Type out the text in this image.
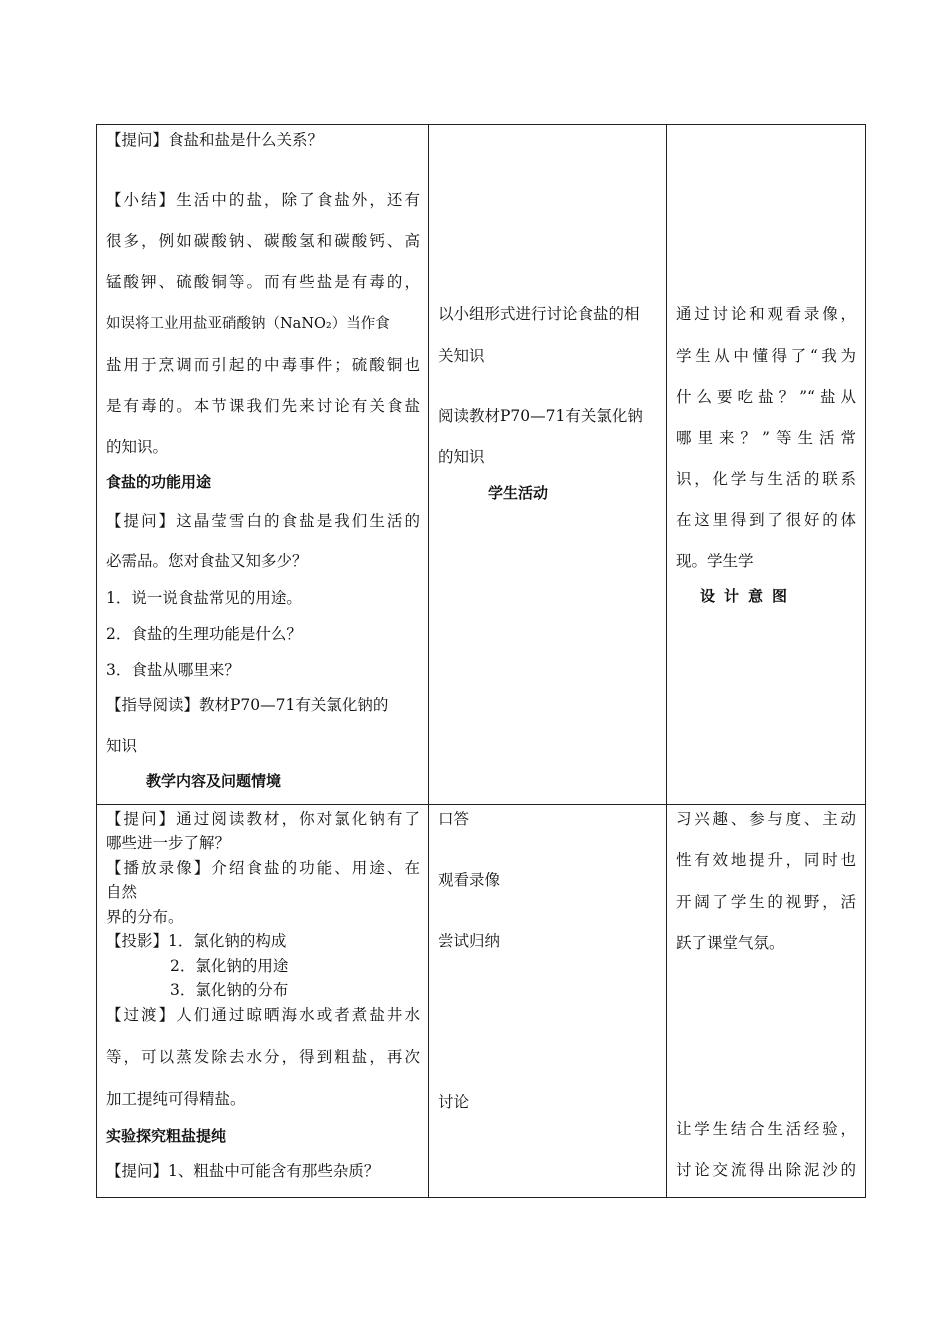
【提问】食盐和盐是什么关系？
【小结】生活中的盐，除了食盐外，还有
很多，例如碳酸钠、碳酸氢和碳酸钙、高
锰酸钾、硫酸铜等。而有些盐是有毒的，
如误将工业用盐亚硝酸钠（NaNO₂）当作食
盐用于烹调而引起的中毒事件；硫酸铜也
是有毒的。本节课我们先来讨论有关食盐
的知识。
食盐的功能用途
【提问】这晶莹雪白的食盐是我们生活的
必需品。您对食盐又知多少？
1．说一说食盐常见的用途。
2．食盐的生理功能是什么？
3．食盐从哪里来？
【指导阅读】教材P70—71有关氯化钠的
知识
教学内容及问题情境
以小组形式进行讨论食盐的相
关知识
阅读教材P70—71有关氯化钠
的知识
学生活动
通过讨论和观看录像，
学生从中懂得了“我为
什么要吃盐？”“盐从
哪里来？”等生活常
识，化学与生活的联系
在这里得到了很好的体
现。学生学
设计意图
【提问】通过阅读教材，你对氯化钠有了
哪些进一步了解？
【播放录像】介绍食盐的功能、用途、在
自然
界的分布。
【投影】1．氯化钠的构成
2．氯化钠的用途
3．氯化钠的分布
【过渡】人们通过晾晒海水或者煮盐井水
等，可以蒸发除去水分，得到粗盐，再次
加工提纯可得精盐。
实验探究粗盐提纯
【提问】1、粗盐中可能含有那些杂质？
口答
观看录像
尝试归纳
讨论
习兴趣、参与度、主动
性有效地提升，同时也
开阔了学生的视野，活
跃了课堂气氛。
让学生结合生活经验，
讨论交流得出除泥沙的
